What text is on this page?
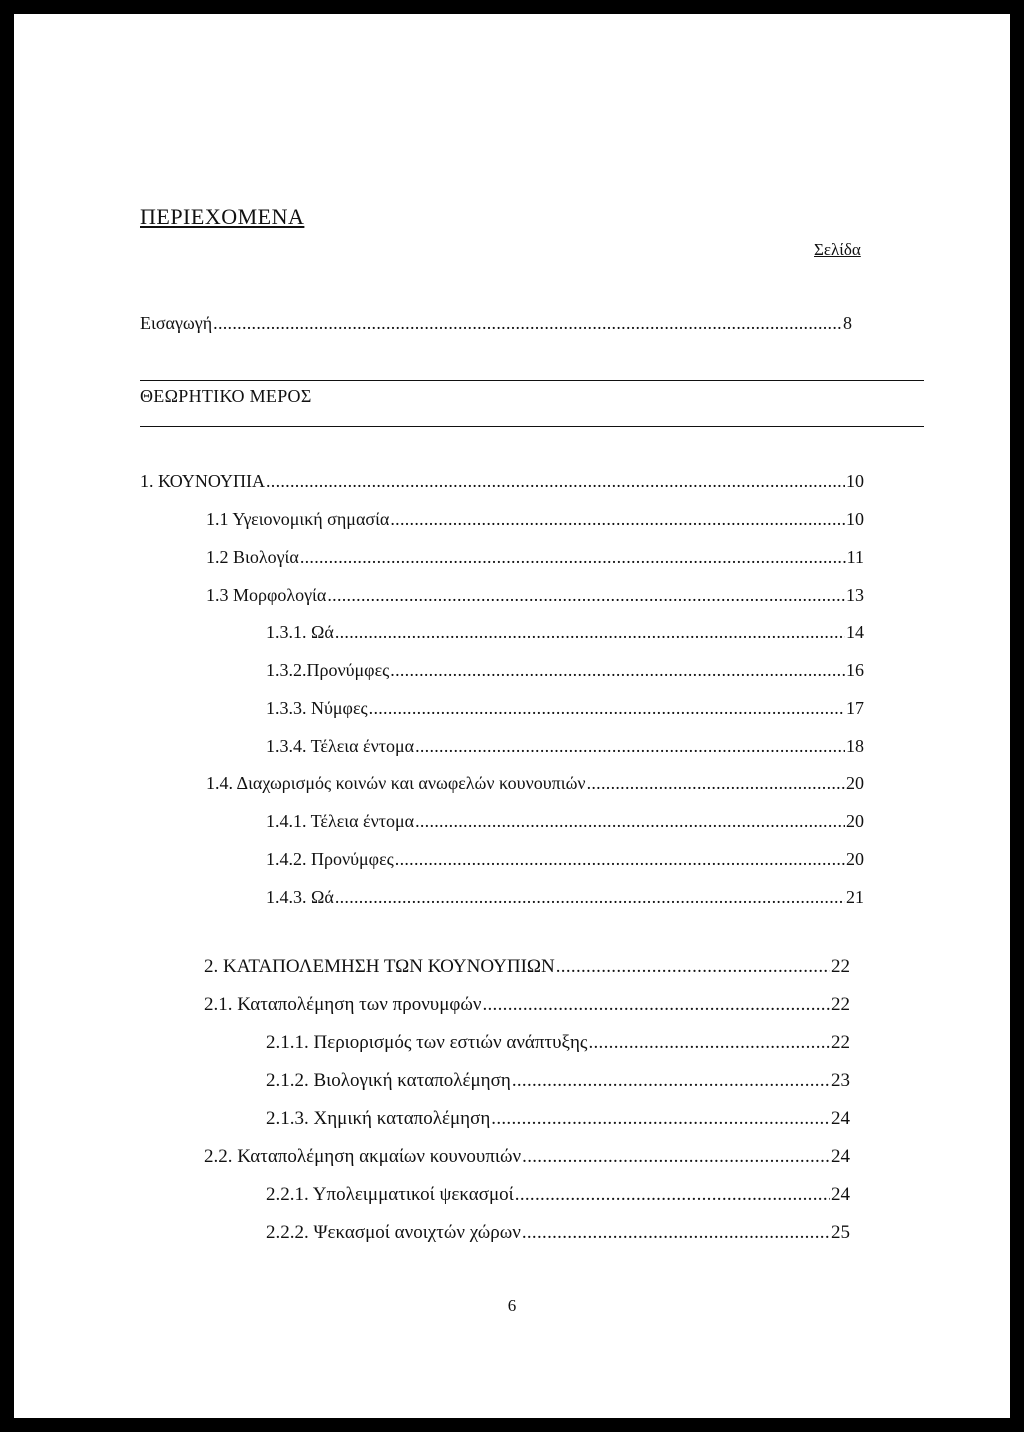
ΠΕΡΙΕΧΟΜΕΝΑ
Σελίδα
Εισαγωγή .....	8
ΘΕΩΡΗΤΙΚΟ ΜΕΡΟΣ
1. ΚΟΥΝΟΥΠΙΑ .....	10
1.1 Υγειονομική σημασία .....	10
1.2 Βιολογία .....	11
1.3 Μορφολογία .....	13
1.3.1. Ωά .....	14
1.3.2.Προνύμφες .....	16
1.3.3. Νύμφες .....	17
1.3.4. Τέλεια έντομα .....	18
1.4. Διαχωρισμός κοινών και ανωφελών κουνουπιών .....	20
1.4.1. Τέλεια έντομα .....	20
1.4.2. Προνύμφες .....	20
1.4.3. Ωά .....	21
2. ΚΑΤΑΠΟΛΕΜΗΣΗ ΤΩΝ ΚΟΥΝΟΥΠΙΩΝ .....	22
2.1. Καταπολέμηση των προνυμφών .....	22
2.1.1. Περιορισμός των εστιών ανάπτυξης .....	22
2.1.2. Βιολογική καταπολέμηση .....	23
2.1.3. Χημική καταπολέμηση .....	24
2.2. Καταπολέμηση ακμαίων κουνουπιών .....	24
2.2.1. Υπολειμματικοί ψεκασμοί .....	24
2.2.2. Ψεκασμοί ανοιχτών χώρων .....	25
6
